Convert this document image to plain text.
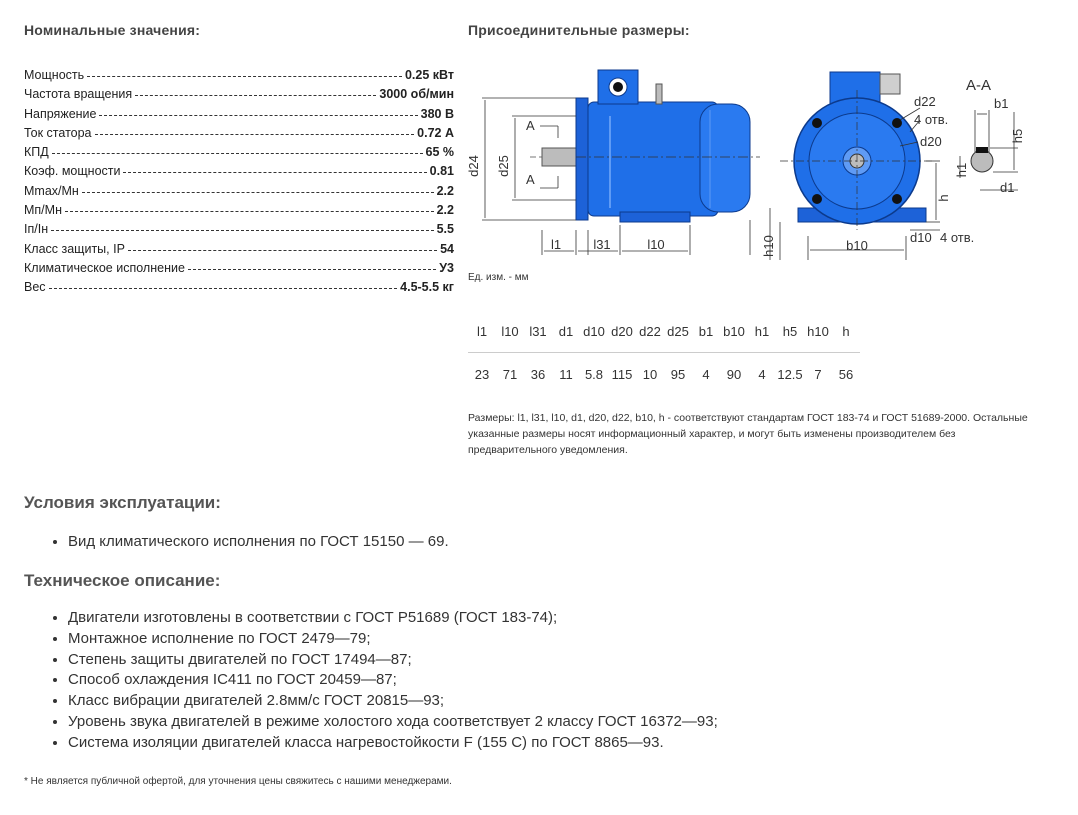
Номинальные значения:
Мощность	0.25 кВт
Частота вращения	3000 об/мин
Напряжение	380 В
Ток статора	0.72 А
КПД	65 %
Коэф. мощности	0.81
Mmax/Mн	2.2
Mп/Mн	2.2
Iп/Iн	5.5
Класс защиты, IP	54
Климатическое исполнение	У3
Вес	4.5-5.5 кг
Присоединительные размеры:
d24 d25
A
A
l1 l31	l10
d22
4 отв.
d20
h
h10	b10
d10 4 отв.
А-А
b1
h5
h1
d1
Ед. изм. - мм
l1	l10	l31	d1	d10	d20	d22	d25	b1	b10	h1	h5	h10	h
23	71	36	11	5.8	115	10	95	4	90	4	12.5	7	56
Размеры: l1, l31, l10, d1, d20, d22, b10, h - соответствуют стандартам ГОСТ 183-74 и ГОСТ 51689-2000. Остальные указанные размеры носят информационный характер, и могут быть изменены производителем без предварительного уведомления.
Условия эксплуатации:
• Вид климатического исполнения по ГОСТ 15150 — 69.
Техническое описание:
• Двигатели изготовлены в соответствии с ГОСТ Р51689 (ГОСТ 183-74);
• Монтажное исполнение по ГОСТ 2479—79;
• Степень защиты двигателей по ГОСТ 17494—87;
• Способ охлаждения IC411 по ГОСТ 20459—87;
• Класс вибрации двигателей 2.8мм/с ГОСТ 20815—93;
• Уровень звука двигателей в режиме холостого хода соответствует 2 классу ГОСТ 16372—93;
• Система изоляции двигателей класса нагревостойкости F (155 С) по ГОСТ 8865—93.
* Не является публичной офертой, для уточнения цены свяжитесь с нашими менеджерами.
